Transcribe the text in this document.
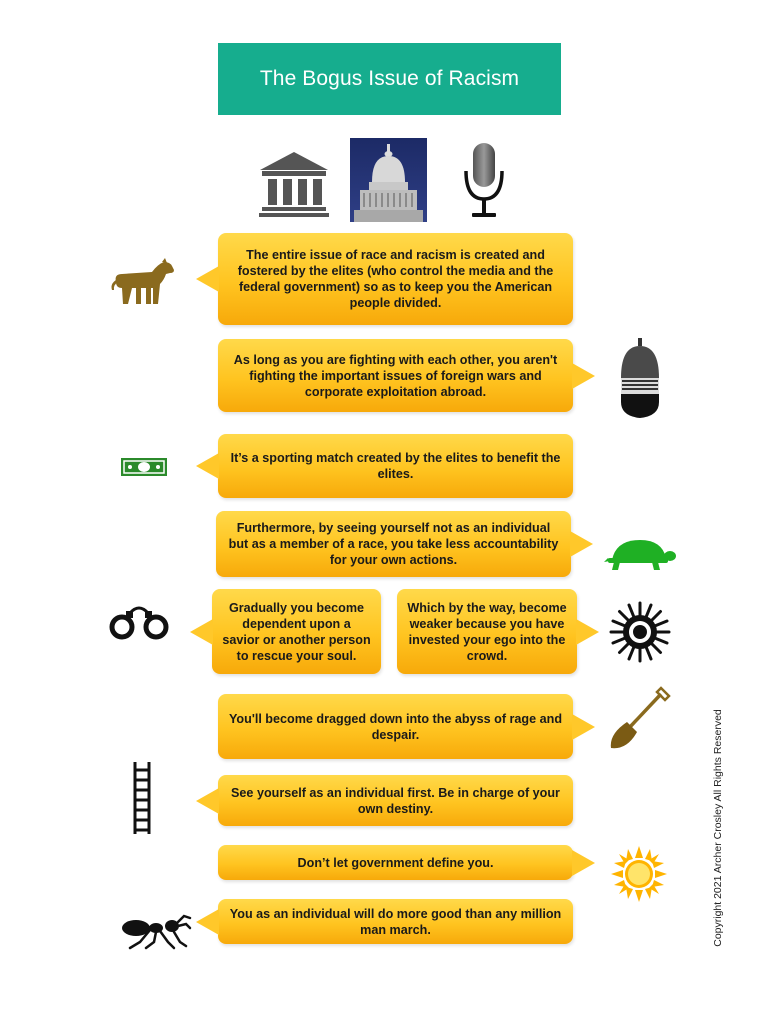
The Bogus Issue of Racism
The entire issue of race and racism is created and fostered by the elites (who control the media and the federal government) so as to keep you the American people divided.
As long as you are fighting with each other, you aren't fighting the important issues of foreign wars and corporate exploitation abroad.
It’s a sporting match created by the elites to benefit the elites.
Furthermore, by seeing yourself not as an individual but as a member of a race, you take less accountability for your own actions.
Gradually you become dependent upon a savior or another person to rescue your soul.
Which by the way, become weaker because you have invested your ego into the crowd.
You'll become dragged down into the abyss of rage and despair.
See yourself as an individual first. Be in charge of your own destiny.
Don’t let government define you.
You as an individual will do more good than any million man march.	Copyright 2021 Archer Crosley All Rights Reserved
